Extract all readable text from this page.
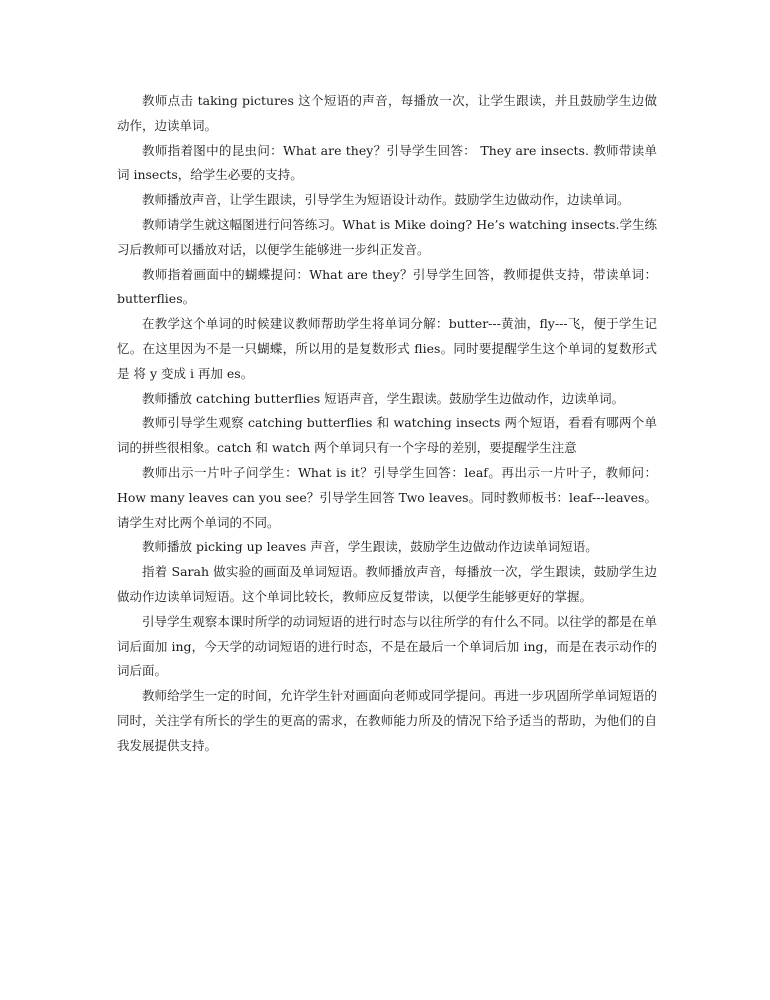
教师点击 taking pictures 这个短语的声音，每播放一次，让学生跟读，并且鼓励学生边做动作，边读单词。

教师指着图中的昆虫问：What are they？引导学生回答： They are insects. 教师带读单词 insects，给学生必要的支持。

教师播放声音，让学生跟读，引导学生为短语设计动作。鼓励学生边做动作，边读单词。

教师请学生就这幅图进行问答练习。What is Mike doing? He’s watching insects.学生练习后教师可以播放对话，以便学生能够进一步纠正发音。

教师指着画面中的蝴蝶提问：What are they？引导学生回答，教师提供支持，带读单词：butterflies。

在教学这个单词的时候建议教师帮助学生将单词分解：butter---黄油，fly---飞，便于学生记忆。在这里因为不是一只蝴蝶，所以用的是复数形式 flies。同时要提醒学生这个单词的复数形式是 将 y 变成 i 再加 es。

教师播放 catching butterflies 短语声音，学生跟读。鼓励学生边做动作，边读单词。

教师引导学生观察 catching butterflies 和 watching insects 两个短语，看看有哪两个单词的拼些很相象。catch 和 watch 两个单词只有一个字母的差别，要提醒学生注意

教师出示一片叶子问学生：What is it？引导学生回答：leaf。再出示一片叶子，教师问：How many leaves can you see？引导学生回答 Two leaves。同时教师板书：leaf---leaves。请学生对比两个单词的不同。

教师播放 picking up leaves 声音，学生跟读，鼓励学生边做动作边读单词短语。

指着 Sarah 做实验的画面及单词短语。教师播放声音，每播放一次，学生跟读，鼓励学生边做动作边读单词短语。这个单词比较长，教师应反复带读，以便学生能够更好的掌握。

引导学生观察本课时所学的动词短语的进行时态与以往所学的有什么不同。以往学的都是在单词后面加 ing，今天学的动词短语的进行时态，不是在最后一个单词后加 ing，而是在表示动作的词后面。

教师给学生一定的时间，允许学生针对画面向老师或同学提问。再进一步巩固所学单词短语的同时，关注学有所长的学生的更高的需求，在教师能力所及的情况下给予适当的帮助，为他们的自我发展提供支持。
